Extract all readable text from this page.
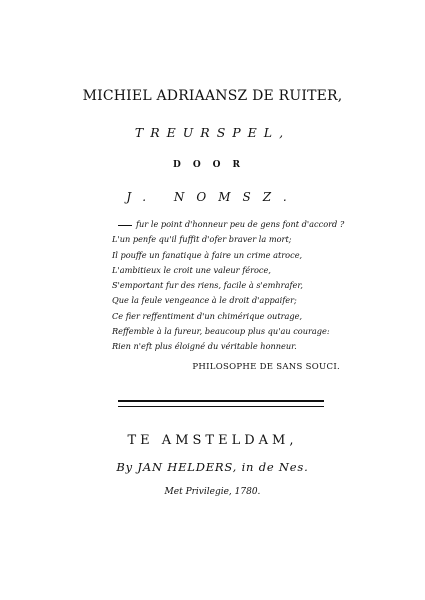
MICHIEL ADRIAANSZ DE RUITER,
TREURSPEL,
DOOR
J. NOMSZ.
fur le point d'honneur peu de gens font d'accord ?
L'un penfe qu'il fuffit d'ofer braver la mort;
Il pouffe un fanatique à faire un crime atroce,
L'ambitieux le croit une valeur féroce,
S'emportant fur des riens, facile à s'emhrafer,
Que la feule vengeance à le droit d'appaifer;
Ce fier reffentiment d'un chimérique outrage,
Reffemble à la fureur, beaucoup plus qu'au courage:
Rien n'eft plus éloigné du véritable honneur.
PHILOSOPHE DE SANS SOUCI.
TE AMSTELDAM,
By JAN HELDERS, in de Nes.
Met Privilegie, 1780.
